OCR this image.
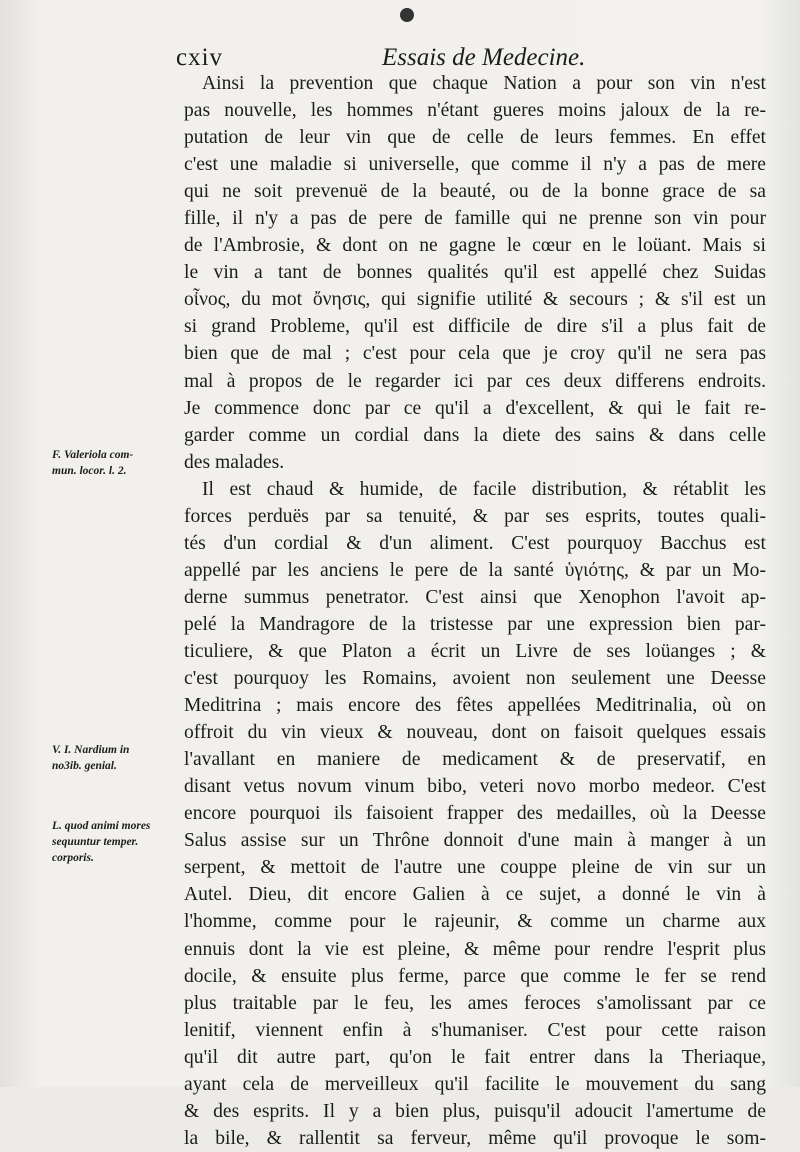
cxiv	Essais de Medecine.
Ainsi la prevention que chaque Nation a pour son vin n'est
pas nouvelle, les hommes n'étant gueres moins jaloux de la re-
putation de leur vin que de celle de leurs femmes. En effet
c'est une maladie si universelle, que comme il n'y a pas de mere
qui ne soit prevenuë de la beauté, ou de la bonne grace de sa
fille, il n'y a pas de pere de famille qui ne prenne son vin pour
de l'Ambrosie, & dont on ne gagne le cœur en le loüant. Mais si
le vin a tant de bonnes qualités qu'il est appellé chez Suidas
οἶνος, du mot ὄνησις, qui signifie utilité & secours ; & s'il est un
si grand Probleme, qu'il est difficile de dire s'il a plus fait de
bien que de mal ; c'est pour cela que je croy qu'il ne sera pas
mal à propos de le regarder ici par ces deux differens endroits.
Je commence donc par ce qu'il a d'excellent, & qui le fait re-
garder comme un cordial dans la diete des sains & dans celle
des malades.
Il est chaud & humide, de facile distribution, & rétablit les
forces perduës par sa tenuité, & par ses esprits, toutes quali-
tés d'un cordial & d'un aliment. C'est pourquoy Bacchus est
appellé par les anciens le pere de la santé ὑγιότης, & par un Mo-
derne summus penetrator. C'est ainsi que Xenophon l'avoit ap-
pelé la Mandragore de la tristesse par une expression bien par-
ticuliere, & que Platon a écrit un Livre de ses loüanges ; &
c'est pourquoy les Romains, avoient non seulement une Deesse
Meditrina ; mais encore des fêtes appellées Meditrinalia, où on
offroit du vin vieux & nouveau, dont on faisoit quelques essais
l'avallant en maniere de medicament & de preservatif, en
disant vetus novum vinum bibo, veteri novo morbo medeor. C'est
encore pourquoi ils faisoient frapper des medailles, où la Deesse
Salus assise sur un Thrône donnoit d'une main à manger à un
serpent, & mettoit de l'autre une couppe pleine de vin sur un
Autel. Dieu, dit encore Galien à ce sujet, a donné le vin à
l'homme, comme pour le rajeunir, & comme un charme aux
ennuis dont la vie est pleine, & même pour rendre l'esprit plus
docile, & ensuite plus ferme, parce que comme le fer se rend
plus traitable par le feu, les ames feroces s'amolissant par ce
lenitif, viennent enfin à s'humaniser. C'est pour cette raison
qu'il dit autre part, qu'on le fait entrer dans la Theriaque,
ayant cela de merveilleux qu'il facilite le mouvement du sang
& des esprits. Il y a bien plus, puisqu'il adoucit l'amertume de
la bile, & rallentit sa ferveur, même qu'il provoque le som-
F. Valeriola com-
mun. locor. l. 2.
V. I. Nardium in
no3ib. genial.
L. quod animi mores
sequuntur temper.
corporis.
